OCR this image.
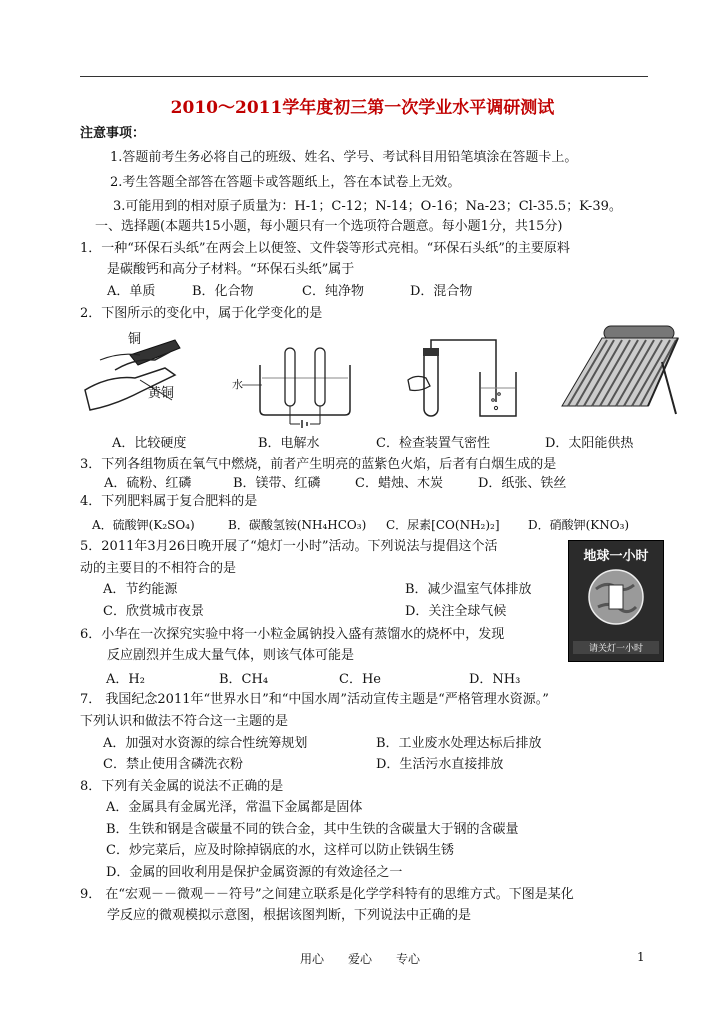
2010～2011学年度初三第一次学业水平调研测试
注意事项：
1.答题前考生务必将自己的班级、姓名、学号、考试科目用铅笔填涂在答题卡上。
2.考生答题全部答在答题卡或答题纸上，答在本试卷上无效。
3.可能用到的相对原子质量为：H-1；C-12；N-14；O-16；Na-23；Cl-35.5；K-39。
一、选择题(本题共15小题，每小题只有一个选项符合题意。每小题1分，共15分)
1．一种“环保石头纸”在两会上以便签、文件袋等形式亮相。“环保石头纸”的主要原料
是碳酸钙和高分子材料。“环保石头纸”属于
A．单质	B．化合物	C．纯净物	D．混合物
2．下图所示的变化中，属于化学变化的是
铜
黄铜
水
A．比较硬度	B．电解水	C．检查装置气密性	D．太阳能供热
3．下列各组物质在氧气中燃烧，前者产生明亮的蓝紫色火焰，后者有白烟生成的是
A．硫粉、红磷	B．镁带、红磷	C．蜡烛、木炭	D．纸张、铁丝
4．下列肥料属于复合肥料的是
A．硫酸钾(K₂SO₄)	B．碳酸氢铵(NH₄HCO₃) C．尿素[CO(NH₂)₂] D．硝酸钾(KNO₃)
5．2011年3月26日晚开展了“熄灯一小时”活动。下列说法与提倡这个活
动的主要目的不相符合的是
A．节约能源	B．减少温室气体排放
C．欣赏城市夜景	D．关注全球气候
地球一小时
请关灯一小时
6．小华在一次探究实验中将一小粒金属钠投入盛有蒸馏水的烧杯中，发现
反应剧烈并生成大量气体，则该气体可能是
A．H₂	B．CH₄	C．He	D．NH₃
7． 我国纪念2011年“世界水日”和“中国水周”活动宣传主题是“严格管理水资源。”
下列认识和做法不符合这一主题的是
A．加强对水资源的综合性统筹规划	B．工业废水处理达标后排放
C．禁止使用含磷洗衣粉	D．生活污水直接排放
8．下列有关金属的说法不正确的是
A．金属具有金属光泽，常温下金属都是固体
B．生铁和钢是含碳量不同的铁合金，其中生铁的含碳量大于钢的含碳量
C．炒完菜后，应及时除掉锅底的水，这样可以防止铁锅生锈
D．金属的回收利用是保护金属资源的有效途径之一
9． 在“宏观－－微观－－符号”之间建立联系是化学学科特有的思维方式。下图是某化
学反应的微观模拟示意图，根据该图判断，下列说法中正确的是
用心　　爱心　　专心	1
